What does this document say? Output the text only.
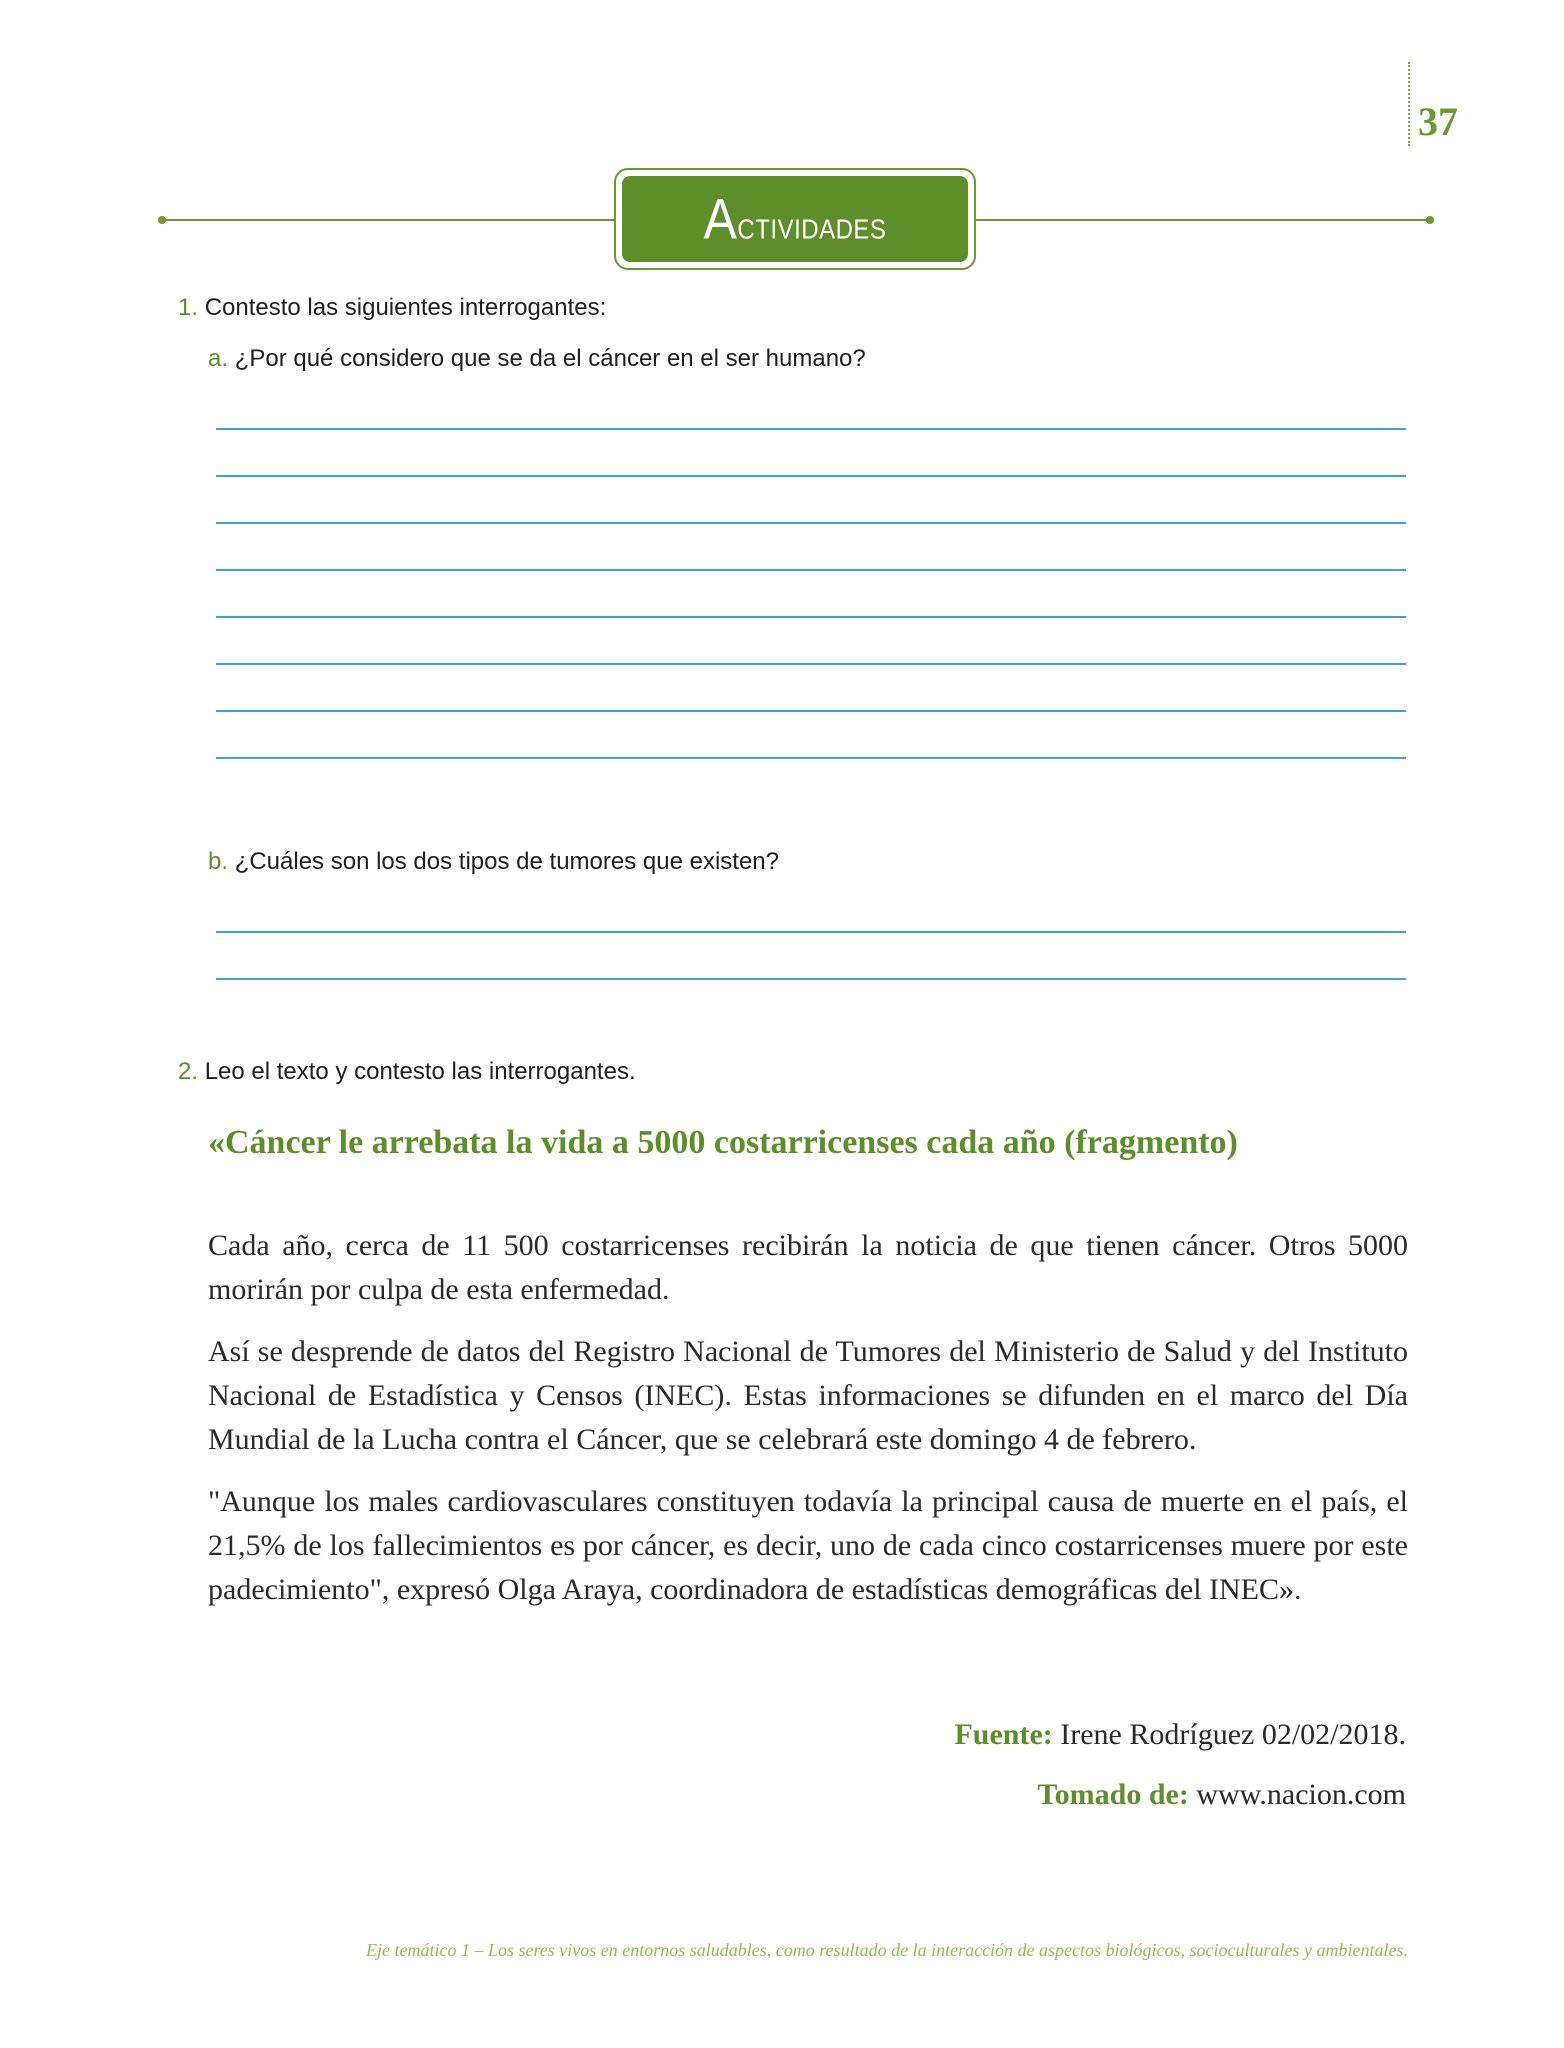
37
Actividades
1. Contesto las siguientes interrogantes:
a. ¿Por qué considero que se da el cáncer en el ser humano?
b. ¿Cuáles son los dos tipos de tumores que existen?
2. Leo el texto y contesto las interrogantes.
«Cáncer le arrebata la vida a 5000 costarricenses cada año (fragmento)

Cada año, cerca de 11 500 costarricenses recibirán la noticia de que tienen cáncer. Otros 5000 morirán por culpa de esta enfermedad.

Así se desprende de datos del Registro Nacional de Tumores del Ministerio de Salud y del Instituto Nacional de Estadística y Censos (INEC). Estas informaciones se difunden en el marco del Día Mundial de la Lucha contra el Cáncer, que se celebrará este domingo 4 de febrero.

"Aunque los males cardiovasculares constituyen todavía la principal causa de muerte en el país, el 21,5% de los fallecimientos es por cáncer, es decir, uno de cada cinco costarricenses muere por este padecimiento", expresó Olga Araya, coordinadora de estadísticas demográficas del INEC».

Fuente: Irene Rodríguez 02/02/2018.
Tomado de: www.nacion.com
Eje temático 1 – Los seres vivos en entornos saludables, como resultado de la interacción de aspectos biológicos, socioculturales y ambientales.
